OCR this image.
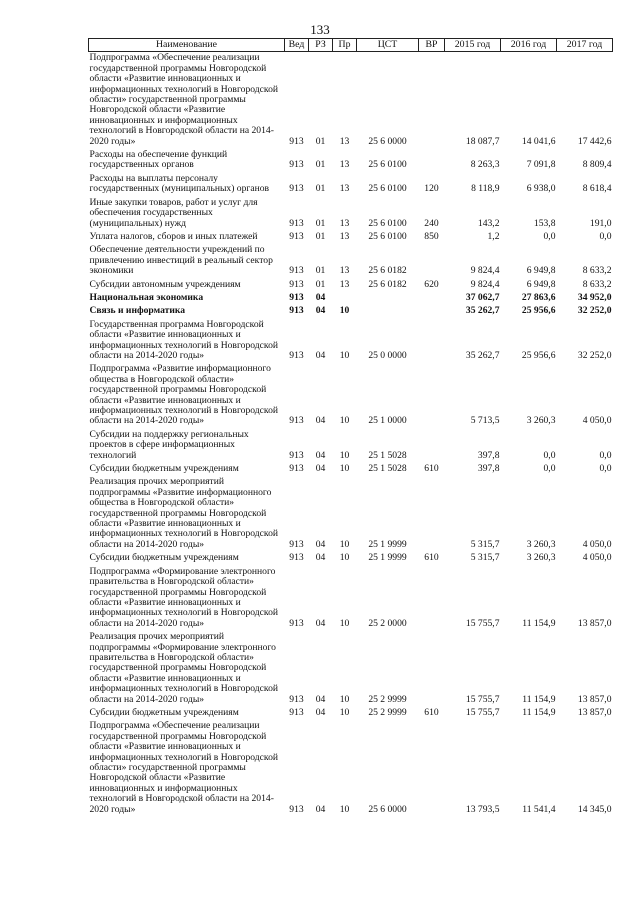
133
Наименование	Вед	РЗ	Пр	ЦСТ	ВР	2015 год	2016 год	2017 год
Подпрограмма «Обеспечение реализации государственной программы Новгородской области «Развитие инновационных и информационных технологий в Новгородской области» государственной программы Новгородской области «Развитие инновационных и информационных технологий в Новгородской области на 2014-2020 годы»	913	01	13	25 6 0000		18 087,7	14 041,6	17 442,6
Расходы на обеспечение функций государственных органов	913	01	13	25 6 0100		8 263,3	7 091,8	8 809,4
Расходы на выплаты персоналу государственных (муниципальных) органов	913	01	13	25 6 0100	120	8 118,9	6 938,0	8 618,4
Иные закупки товаров, работ и услуг для обеспечения государственных (муниципальных) нужд	913	01	13	25 6 0100	240	143,2	153,8	191,0
Уплата налогов, сборов и иных платежей	913	01	13	25 6 0100	850	1,2	0,0	0,0
Обеспечение деятельности учреждений по привлечению инвестиций в реальный сектор экономики	913	01	13	25 6 0182		9 824,4	6 949,8	8 633,2
Субсидии автономным учреждениям	913	01	13	25 6 0182	620	9 824,4	6 949,8	8 633,2
Национальная экономика	913	04				37 062,7	27 863,6	34 952,0
Связь и информатика	913	04	10			35 262,7	25 956,6	32 252,0
Государственная программа Новгородской области «Развитие инновационных и информационных технологий в Новгородской области на 2014-2020 годы»	913	04	10	25 0 0000		35 262,7	25 956,6	32 252,0
Подпрограмма «Развитие информационного общества в Новгородской области» государственной программы Новгородской области «Развитие инновационных и информационных технологий в Новгородской области на 2014-2020 годы»	913	04	10	25 1 0000		5 713,5	3 260,3	4 050,0
Субсидии на поддержку региональных проектов в сфере информационных технологий	913	04	10	25 1 5028		397,8	0,0	0,0
Субсидии бюджетным учреждениям	913	04	10	25 1 5028	610	397,8	0,0	0,0
Реализация прочих мероприятий подпрограммы «Развитие информационного общества в Новгородской области» государственной программы Новгородской области «Развитие инновационных и информационных технологий в Новгородской области на 2014-2020 годы»	913	04	10	25 1 9999		5 315,7	3 260,3	4 050,0
Субсидии бюджетным учреждениям	913	04	10	25 1 9999	610	5 315,7	3 260,3	4 050,0
Подпрограмма «Формирование электронного правительства в Новгородской области» государственной программы Новгородской области «Развитие инновационных и информационных технологий в Новгородской области на 2014-2020 годы»	913	04	10	25 2 0000		15 755,7	11 154,9	13 857,0
Реализация прочих мероприятий подпрограммы «Формирование электронного правительства в Новгородской области» государственной программы Новгородской области «Развитие инновационных и информационных технологий в Новгородской области на 2014-2020 годы»	913	04	10	25 2 9999		15 755,7	11 154,9	13 857,0
Субсидии бюджетным учреждениям	913	04	10	25 2 9999	610	15 755,7	11 154,9	13 857,0
Подпрограмма «Обеспечение реализации государственной программы Новгородской области «Развитие инновационных и информационных технологий в Новгородской области» государственной программы Новгородской области «Развитие инновационных и информационных технологий в Новгородской области на 2014-2020 годы»	913	04	10	25 6 0000		13 793,5	11 541,4	14 345,0
